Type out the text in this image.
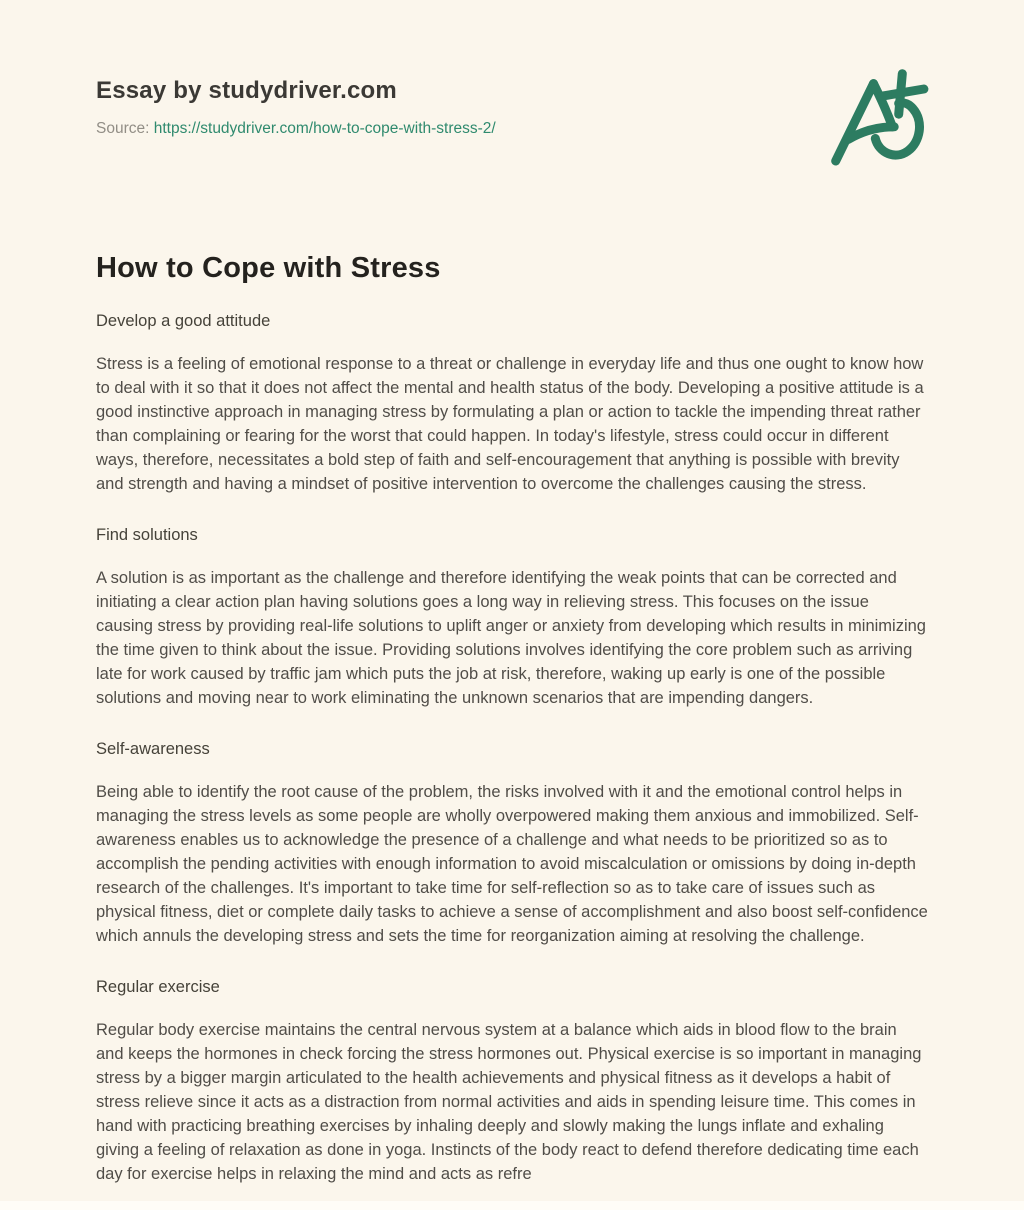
Essay by studydriver.com

Source: https://studydriver.com/how-to-cope-with-stress-2/

How to Cope with Stress
Develop a good attitude

Stress is a feeling of emotional response to a threat or challenge in everyday life and thus one ought to know how to deal with it so that it does not affect the mental and health status of the body. Developing a positive attitude is a good instinctive approach in managing stress by formulating a plan or action to tackle the impending threat rather than complaining or fearing for the worst that could happen. In today's lifestyle, stress could occur in different ways, therefore, necessitates a bold step of faith and self-encouragement that anything is possible with brevity and strength and having a mindset of positive intervention to overcome the challenges causing the stress.

Find solutions

A solution is as important as the challenge and therefore identifying the weak points that can be corrected and initiating a clear action plan having solutions goes a long way in relieving stress. This focuses on the issue causing stress by providing real-life solutions to uplift anger or anxiety from developing which results in minimizing the time given to think about the issue. Providing solutions involves identifying the core problem such as arriving late for work caused by traffic jam which puts the job at risk, therefore, waking up early is one of the possible solutions and moving near to work eliminating the unknown scenarios that are impending dangers.

Self-awareness

Being able to identify the root cause of the problem, the risks involved with it and the emotional control helps in managing the stress levels as some people are wholly overpowered making them anxious and immobilized. Self-awareness enables us to acknowledge the presence of a challenge and what needs to be prioritized so as to accomplish the pending activities with enough information to avoid miscalculation or omissions by doing in-depth research of the challenges. It's important to take time for self-reflection so as to take care of issues such as physical fitness, diet or complete daily tasks to achieve a sense of accomplishment and also boost self-confidence which annuls the developing stress and sets the time for reorganization aiming at resolving the challenge.

Regular exercise

Regular body exercise maintains the central nervous system at a balance which aids in blood flow to the brain and keeps the hormones in check forcing the stress hormones out. Physical exercise is so important in managing stress by a bigger margin articulated to the health achievements and physical fitness as it develops a habit of stress relieve since it acts as a distraction from normal activities and aids in spending leisure time. This comes in hand with practicing breathing exercises by inhaling deeply and slowly making the lungs inflate and exhaling giving a feeling of relaxation as done in yoga. Instincts of the body react to defend therefore dedicating time each day for exercise helps in relaxing the mind and acts as refre
